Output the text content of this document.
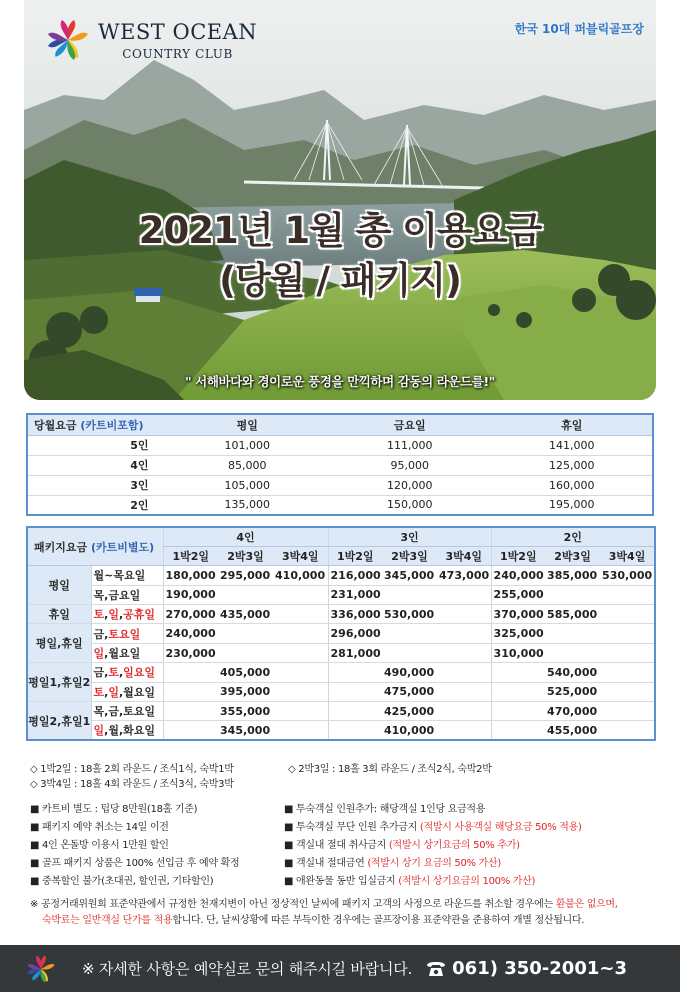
WEST OCEAN
COUNTRY CLUB
한국 10대 퍼블릭골프장
2021년 1월 총 이용요금
(당월 / 패키지)
" 서해바다와 경이로운 풍경을 만끽하며 감동의 라운드를!"
당월요금 (카트비포함)	평일	금요일	휴일
5인	101,000	111,000	141,000
4인	85,000	95,000	125,000
3인	105,000	120,000	160,000
2인	135,000	150,000	195,000
패키지요금 (카트비별도)		4인			3인			2인		
		1박2일	2박3일	3박4일	1박2일	2박3일	3박4일	1박2일	2박3일	3박4일
평일	월~목요일	180,000	295,000	410,000	216,000	345,000	473,000	240,000	385,000	530,000
	목,금요일	190,000			231,000			255,000		
휴일	토,일,공휴일	270,000	435,000		336,000	530,000		370,000	585,000	
평일,휴일	금,토요일	240,000			296,000			325,000		
	일,월요일	230,000			281,000			310,000		
평일1,휴일2	금,토,일요일		405,000			490,000			540,000	
	토,일,월요일		395,000			475,000			525,000	
평일2,휴일1	목,금,토요일		355,000			425,000			470,000	
	일,월,화요일		345,000			410,000			455,000	
◇ 1박2일 : 18홀 2회 라운드 / 조식1식, 숙박1박	◇ 2박3일 : 18홀 3회 라운드 / 조식2식, 숙박2박
◇ 3박4일 : 18홀 4회 라운드 / 조식3식, 숙박3박
■ 카트비 별도 : 팁당 8만원(18홀 기준)	■ 투숙객실 인원추가: 해당객실 1인당 요금적용
■ 패키지 예약 취소는 14일 이전	■ 투숙객실 무단 인원 추가금지 (적발시 사용객실 해당요금 50% 적용)
■ 4인 온돌방 이용시 1만원 할인	■ 객실내 절대 취사금지 (적발시 상기요금의 50% 추가)
■ 골프 패키지 상품은 100% 선입금 후 예약 확정	■ 객실내 절대금연 (적발시 상기 요금의 50% 가산)
■ 중복할인 불가(초대권, 할인권, 기타할인)	■ 애완동물 동반 입실금지 (적발시 상기요금의 100% 가산)
※ 공정거래위원회 표준약관에서 규정한 천재지변이 아닌 정상적인 날씨에 패키지 고객의 사정으로 라운드를 취소할 경우에는 환불은 없으며,
숙박료는 일반객실 단가를 적용합니다. 단, 날씨상황에 따른 부득이한 경우에는 골프장이용 표준약관을 준용하여 개별 정산됩니다.
※ 자세한 사항은 예약실로 문의 해주시길 바랍니다. 061) 350-2001~3
